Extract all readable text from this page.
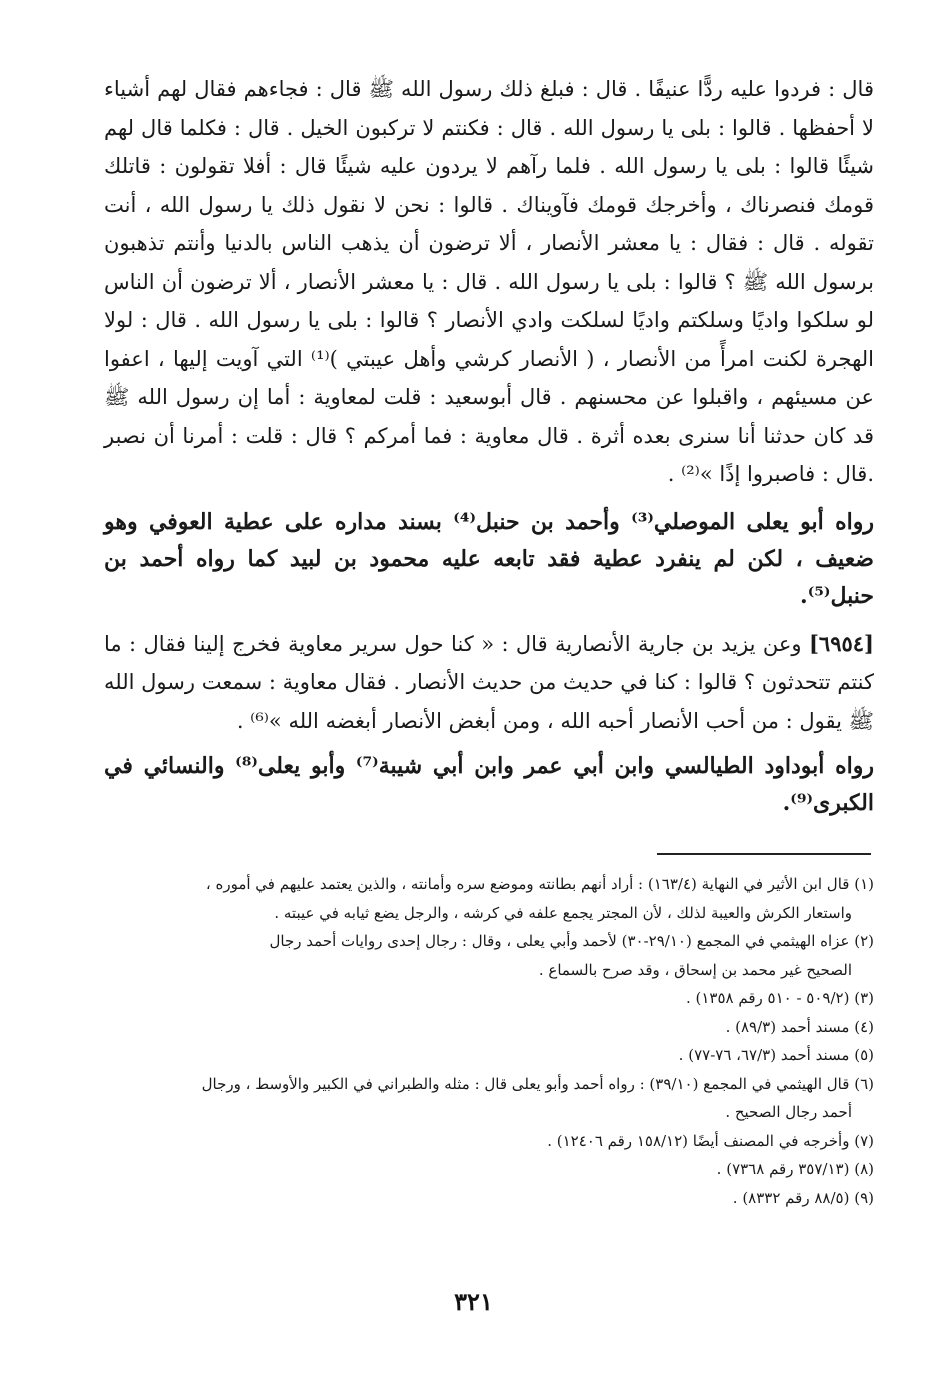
قال : فردوا عليه ردًّا عنيفًا . قال : فبلغ ذلك رسول الله ﷺ قال : فجاءهم فقال لهم أشياء لا أحفظها . قالوا : بلى يا رسول الله . قال : فكنتم لا تركبون الخيل . قال : فكلما قال لهم شيئًا قالوا : بلى يا رسول الله . فلما رآهم لا يردون عليه شيئًا قال : أفلا تقولون : قاتلك قومك فنصرناك ، وأخرجك قومك فآويناك . قالوا : نحن لا نقول ذلك يا رسول الله ، أنت تقوله . قال : فقال : يا معشر الأنصار ، ألا ترضون أن يذهب الناس بالدنيا وأنتم تذهبون برسول الله ﷺ ؟ قالوا : بلى يا رسول الله . قال : يا معشر الأنصار ، ألا ترضون أن الناس لو سلكوا واديًا وسلكتم واديًا لسلكت وادي الأنصار ؟ قالوا : بلى يا رسول الله . قال : لولا الهجرة لكنت امرأً من الأنصار ، ( الأنصار كرشي وأهل عيبتي )⁽¹⁾ التي آويت إليها ، اعفوا عن مسيئهم ، واقبلوا عن محسنهم . قال أبوسعيد : قلت لمعاوية : أما إن رسول الله ﷺ قد كان حدثنا أنا سنرى بعده أثرة . قال معاوية : فما أمركم ؟ قال : قلت : أمرنا أن نصبر .قال : فاصبروا إذًا »⁽²⁾ .

رواه أبو يعلى الموصلي⁽³⁾ وأحمد بن حنبل⁽⁴⁾ بسند مداره على عطية العوفي وهو ضعيف ، لكن لم ينفرد عطية فقد تابعه عليه محمود بن لبيد كما رواه أحمد بن حنبل⁽⁵⁾.

[٦٩٥٤] وعن يزيد بن جارية الأنصارية قال : « كنا حول سرير معاوية فخرج إلينا فقال : ما كنتم تتحدثون ؟ قالوا : كنا في حديث من حديث الأنصار . فقال معاوية : سمعت رسول الله ﷺ يقول : من أحب الأنصار أحبه الله ، ومن أبغض الأنصار أبغضه الله »⁽⁶⁾ .

رواه أبوداود الطيالسي وابن أبي عمر وابن أبي شيبة⁽⁷⁾ وأبو يعلى⁽⁸⁾ والنسائي في الكبرى⁽⁹⁾.

(١) قال ابن الأثير في النهاية (١٦٣/٤) : أراد أنهم بطانته وموضع سره وأمانته ، والذين يعتمد عليهم في أموره ،
واستعار الكرش والعيبة لذلك ، لأن المجتر يجمع علفه في كرشه ، والرجل يضع ثيابه في عيبته .

(٢) عزاه الهيثمي في المجمع (٢٩/١٠-٣٠) لأحمد وأبي يعلى ، وقال : رجال إحدى روايات أحمد رجال
الصحيح غير محمد بن إسحاق ، وقد صرح بالسماع .

(٣) (٥٠٩/٢ - ٥١٠ رقم ١٣٥٨) .

(٤) مسند أحمد (٨٩/٣) .

(٥) مسند أحمد (٦٧/٣، ٧٦-٧٧) .

(٦) قال الهيثمي في المجمع (٣٩/١٠) : رواه أحمد وأبو يعلى قال : مثله والطبراني في الكبير والأوسط ، ورجال
أحمد رجال الصحيح .

(٧) وأخرجه في المصنف أيضًا (١٥٨/١٢ رقم ١٢٤٠٦) .

(٨) (٣٥٧/١٣ رقم ٧٣٦٨) .

(٩) (٨٨/٥ رقم ٨٣٣٢) .

٣٢١
